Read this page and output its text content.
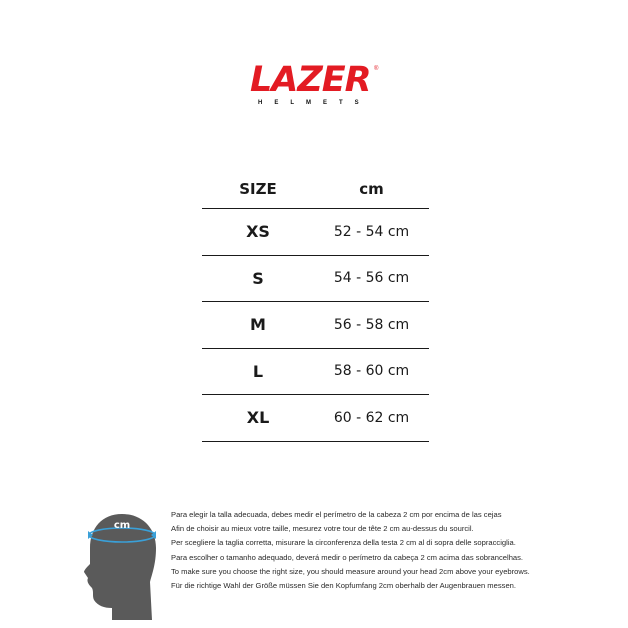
LAZER ®
HELMETS
SIZE	cm
XS	52 - 54 cm
S	54 - 56 cm
M	56 - 58 cm
L	58 - 60 cm
XL	60 - 62 cm
cm
Para elegir la talla adecuada, debes medir el perímetro de la cabeza 2 cm por encima de las cejas
Afin de choisir au mieux votre taille, mesurez votre tour de tête 2 cm au-dessus du sourcil.
Per scegliere la taglia corretta, misurare la circonferenza della testa 2 cm al di sopra delle sopracciglia.
Para escolher o tamanho adequado, deverá medir o perímetro da cabeça 2 cm acima das sobrancelhas.
To make sure you choose the right size, you should measure around your head 2cm above your eyebrows.
Für die richtige Wahl der Größe müssen Sie den Kopfumfang 2cm oberhalb der Augenbrauen messen.
